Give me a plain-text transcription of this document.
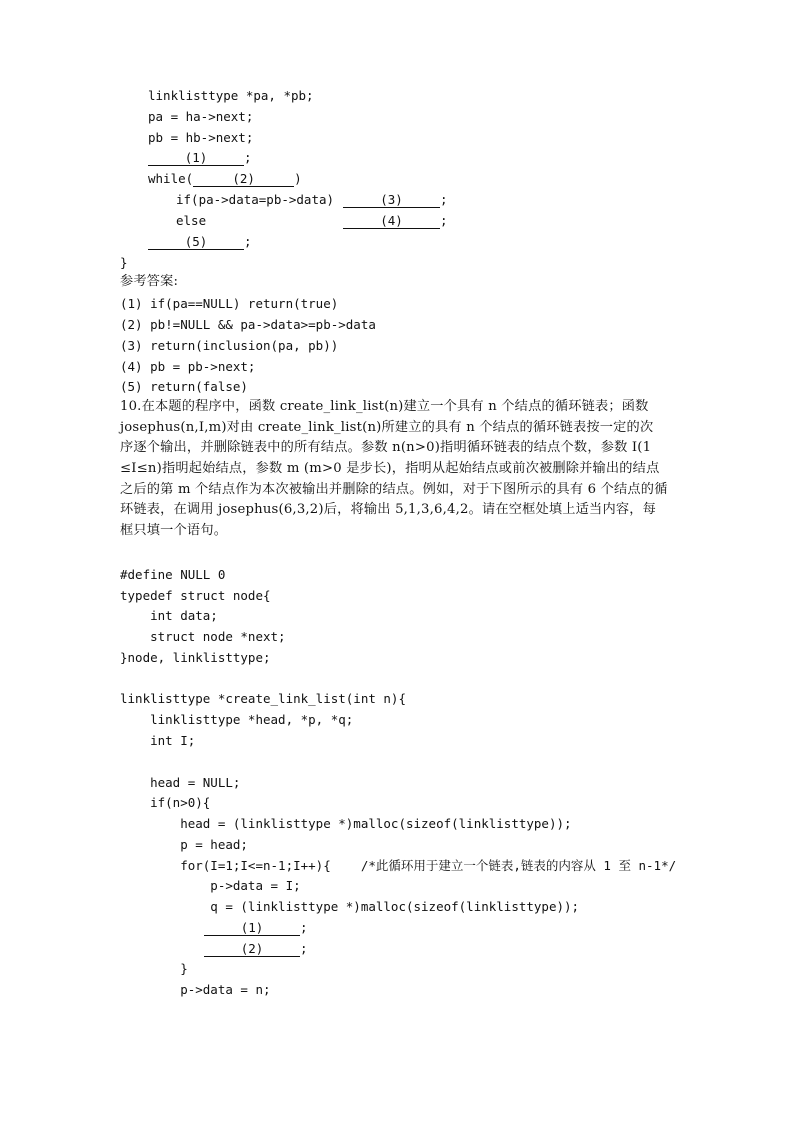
linklisttype *pa, *pb;
pa = ha->next;
pb = hb->next;
(1)	;
while(	(2)	)
if(pa->data=pb->data)	(3)	;
else	(4)	;
(5)	;
}
参考答案:
(1) if(pa==NULL) return(true)
(2) pb!=NULL && pa->data>=pb->data
(3) return(inclusion(pa, pb))
(4) pb = pb->next;
(5) return(false)
10.在本题的程序中，函数 create_link_list(n)建立一个具有 n 个结点的循环链表；函数
josephus(n,I,m)对由 create_link_list(n)所建立的具有 n 个结点的循环链表按一定的次
序逐个输出，并删除链表中的所有结点。参数 n(n>0)指明循环链表的结点个数，参数 I(1
≤I≤n)指明起始结点，参数 m (m>0 是步长)，指明从起始结点或前次被删除并输出的结点
之后的第 m 个结点作为本次被输出并删除的结点。例如，对于下图所示的具有 6 个结点的循
环链表，在调用 josephus(6,3,2)后，将输出 5,1,3,6,4,2。请在空框处填上适当内容，每
框只填一个语句。
#define NULL 0
typedef struct node{
int data;
struct node *next;
}node, linklisttype;
linklisttype *create_link_list(int n){
linklisttype *head, *p, *q;
int I;
head = NULL;
if(n>0){
head = (linklisttype *)malloc(sizeof(linklisttype));
p = head;
for(I=1;I<=n-1;I++){    /*此循环用于建立一个链表,链表的内容从 1 至 n-1*/
p->data = I;
q = (linklisttype *)malloc(sizeof(linklisttype));
(1)	;
(2)	;
}
p->data = n;
